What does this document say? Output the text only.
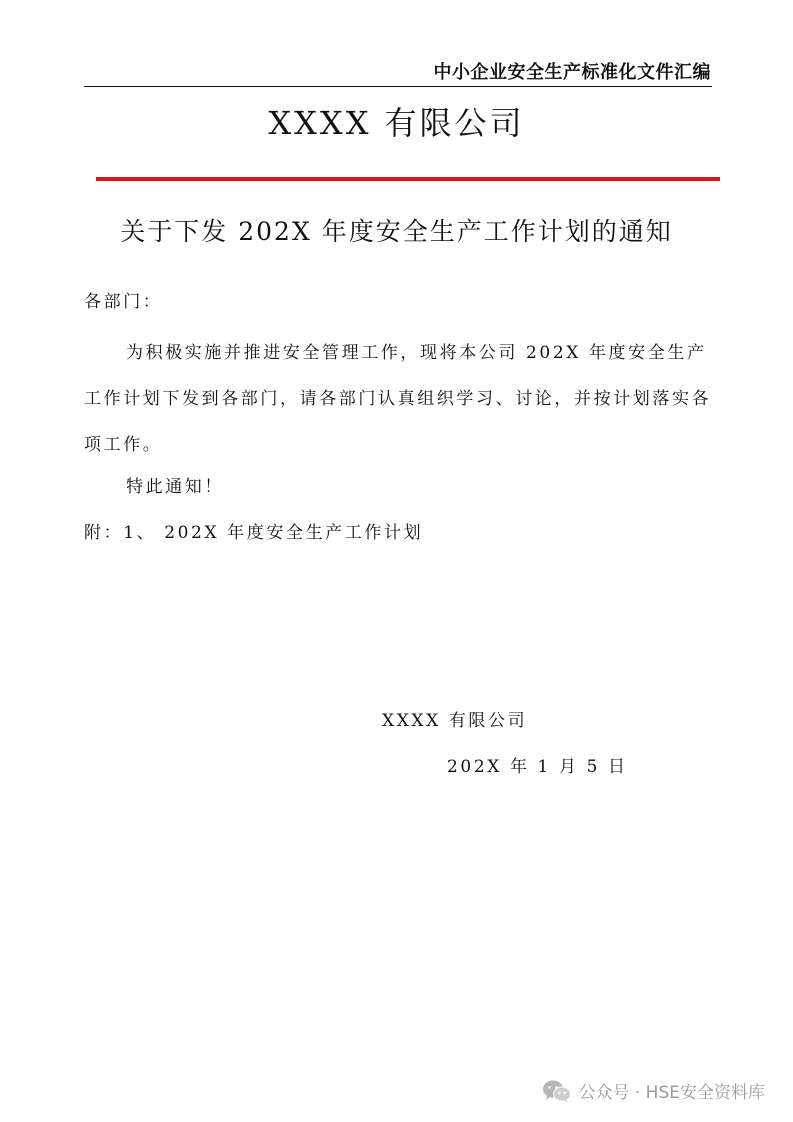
中小企业安全生产标准化文件汇编
XXXX 有限公司
关于下发 202X 年度安全生产工作计划的通知
各部门：
为积极实施并推进安全管理工作，现将本公司 202X 年度安全生产工作计划下发到各部门，请各部门认真组织学习、讨论，并按计划落实各项工作。
特此通知！
附：1、 202X 年度安全生产工作计划
XXXX 有限公司
202X 年 1 月 5 日
公众号 · HSE安全资料库
